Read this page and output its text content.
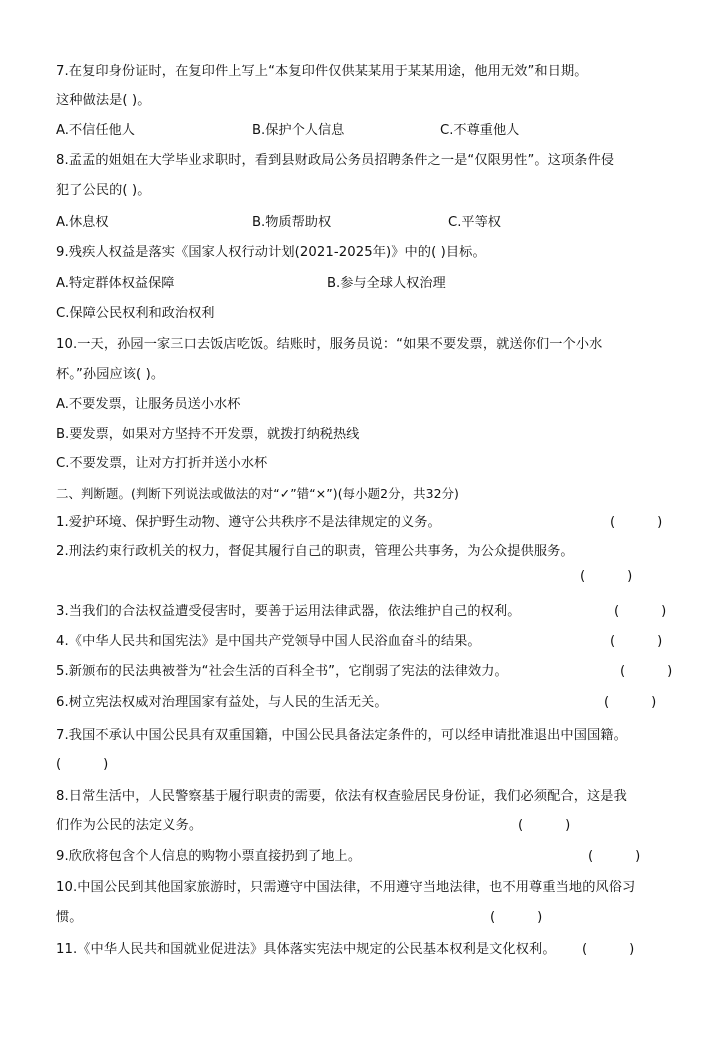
7.在复印身份证时，在复印件上写上“本复印件仅供某某用于某某用途，他用无效”和日期。
这种做法是( )。
A.不信任他人	B.保护个人信息	C.不尊重他人
8.孟孟的姐姐在大学毕业求职时，看到县财政局公务员招聘条件之一是“仅限男性”。这项条件侵
犯了公民的( )。
A.休息权	B.物质帮助权	C.平等权
9.残疾人权益是落实《国家人权行动计划(2021-2025年)》中的( )目标。
A.特定群体权益保障	B.参与全球人权治理
C.保障公民权利和政治权利
10.一天，孙园一家三口去饭店吃饭。结账时，服务员说：“如果不要发票，就送你们一个小水
杯。”孙园应该( )。
A.不要发票，让服务员送小水杯
B.要发票，如果对方坚持不开发票，就拨打纳税热线
C.不要发票，让对方打折并送小水杯
二、判断题。(判断下列说法或做法的对“✓”错“×”)(每小题2分，共32分)
1.爱护环境、保护野生动物、遵守公共秩序不是法律规定的义务。	(          )
2.刑法约束行政机关的权力，督促其履行自己的职责，管理公共事务，为公众提供服务。
(          )
3.当我们的合法权益遭受侵害时，要善于运用法律武器，依法维护自己的权利。	(          )
4.《中华人民共和国宪法》是中国共产党领导中国人民浴血奋斗的结果。	(          )
5.新颁布的民法典被誉为“社会生活的百科全书”，它削弱了宪法的法律效力。	(          )
6.树立宪法权威对治理国家有益处，与人民的生活无关。	(          )
7.我国不承认中国公民具有双重国籍，中国公民具备法定条件的，可以经申请批准退出中国国籍。
(          )
8.日常生活中，人民警察基于履行职责的需要，依法有权查验居民身份证，我们必须配合，这是我
们作为公民的法定义务。	(          )
9.欣欣将包含个人信息的购物小票直接扔到了地上。	(          )
10.中国公民到其他国家旅游时，只需遵守中国法律，不用遵守当地法律，也不用尊重当地的风俗习
惯。	(          )
11.《中华人民共和国就业促进法》具体落实宪法中规定的公民基本权利是文化权利。 (          )
